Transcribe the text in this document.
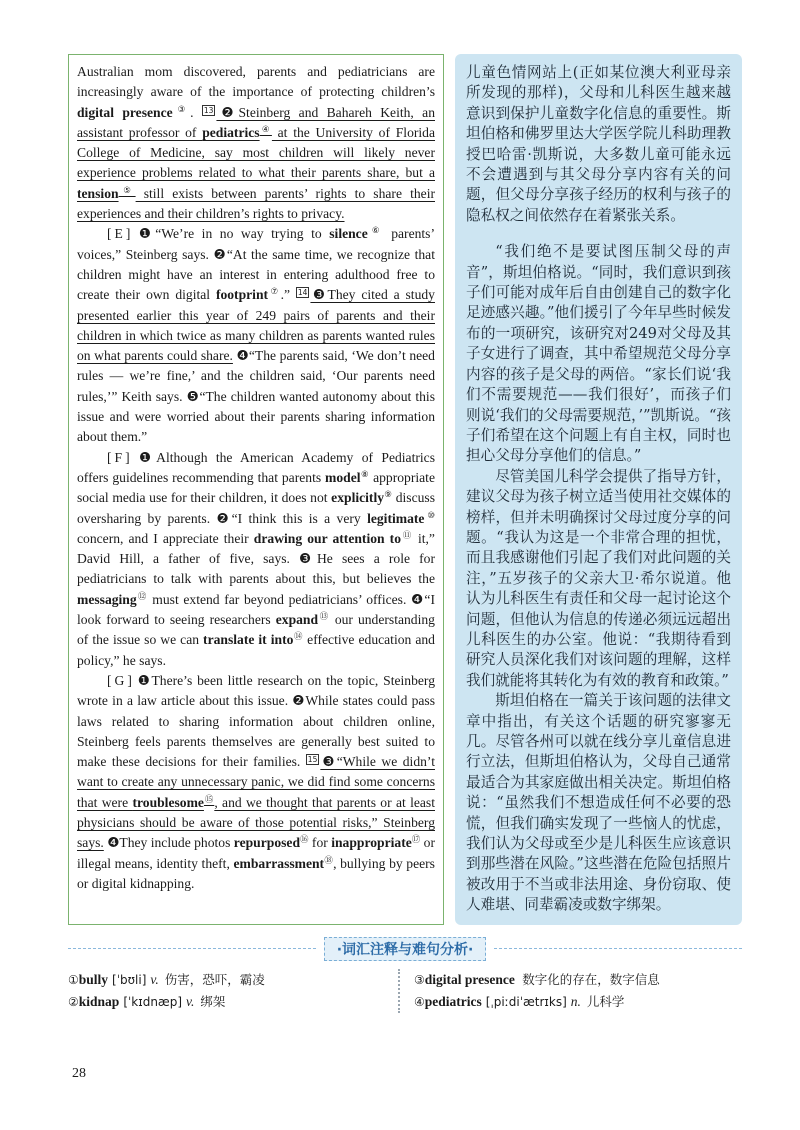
Australian mom discovered, parents and pediatricians are increasingly aware of the importance of protecting children’s digital presence③. $^{13}$ ❷Steinberg and Bahareh Keith, an assistant professor of pediatrics④ at the University of Florida College of Medicine, say most children will likely never experience problems related to what their parents share, but a tension⑤ still exists between parents’ rights to share their experiences and their children’s rights to privacy.

[ E ] ❶“We’re in no way trying to silence⑥ parents’ voices,” Steinberg says. ❷“At the same time, we recognize that children might have an interest in entering adulthood free to create their own digital footprint⑦.” $^{14}$ ❸They cited a study presented earlier this year of 249 pairs of parents and their children in which twice as many children as parents wanted rules on what parents could share. ❹“The parents said, ‘We don’t need rules — we’re fine,’ and the children said, ‘Our parents need rules,’” Keith says. ❺“The children wanted autonomy about this issue and were worried about their parents sharing information about them.”

[ F ] ❶Although the American Academy of Pediatrics offers guidelines recommending that parents model⑧ appropriate social media use for their children, it does not explicitly⑨ discuss oversharing by parents. ❷“I think this is a very legitimate⑩ concern, and I appreciate their drawing our attention to⑪ it,” David Hill, a father of five, says. ❸He sees a role for pediatricians to talk with parents about this, but believes the messaging⑫ must extend far beyond pediatricians’ offices. ❹“I look forward to seeing researchers expand⑬ our understanding of the issue so we can translate it into⑭ effective education and policy,” he says.

[ G ] ❶There’s been little research on the topic, Steinberg wrote in a law article about this issue. ❷While states could pass laws related to sharing information about children online, Steinberg feels parents themselves are generally best suited to make these decisions for their families. $^{15}$ ❸“While we didn’t want to create any unnecessary panic, we did find some concerns that were troublesome⑮, and we thought that parents or at least physicians should be aware of those potential risks,” Steinberg says. ❹They include photos repurposed⑯ for inappropriate⑰ or illegal means, identity theft, embarrassment⑱, bullying by peers or digital kidnapping.

儿童色情网站上(正如某位澳大利亚母亲所发现的那样)，父母和儿科医生越来越意识到保护儿童数字化信息的重要性。斯坦伯格和佛罗里达大学医学院儿科助理教授巴哈雷·凯斯说，大多数儿童可能永远不会遭遇到与其父母分享内容有关的问题，但父母分享孩子经历的权利与孩子的隐私权之间依然存在着紧张关系。

“我们绝不是要试图压制父母的声音”，斯坦伯格说。“同时，我们意识到孩子们可能对成年后自由创建自己的数字化足迹感兴趣。”他们援引了今年早些时候发布的一项研究，该研究对249对父母及其子女进行了调查，其中希望规范父母分享内容的孩子是父母的两倍。“家长们说‘我们不需要规范——我们很好’，而孩子们则说‘我们的父母需要规范，’”凯斯说。“孩子们希望在这个问题上有自主权，同时也担心父母分享他们的信息。”

尽管美国儿科学会提供了指导方针，建议父母为孩子树立适当使用社交媒体的榜样，但并未明确探讨父母过度分享的问题。“我认为这是一个非常合理的担忧，而且我感谢他们引起了我们对此问题的关注，”五岁孩子的父亲大卫·希尔说道。他认为儿科医生有责任和父母一起讨论这个问题，但他认为信息的传递必须远远超出儿科医生的办公室。他说：“我期待看到研究人员深化我们对该问题的理解，这样我们就能将其转化为有效的教育和政策。”

斯坦伯格在一篇关于该问题的法律文章中指出，有关这个话题的研究寥寥无几。尽管各州可以就在线分享儿童信息进行立法，但斯坦伯格认为，父母自己通常最适合为其家庭做出相关决定。斯坦伯格说：“虽然我们不想造成任何不必要的恐慌，但我们确实发现了一些恼人的忧虑，我们认为父母或至少是儿科医生应该意识到那些潜在风险。”这些潜在危险包括照片被改用于不当或非法用途、身份窃取、使人难堪、同辈霸凌或数字绑架。

·词汇注释与难句分析·
①bully [ˈbʊli] v. 伤害，恐吓，霸凌
②kidnap [ˈkɪdnæp] v. 绑架
③digital presence 数字化的存在，数字信息
④pediatrics [ˌpiːdiˈætrɪks] n. 儿科学
28
